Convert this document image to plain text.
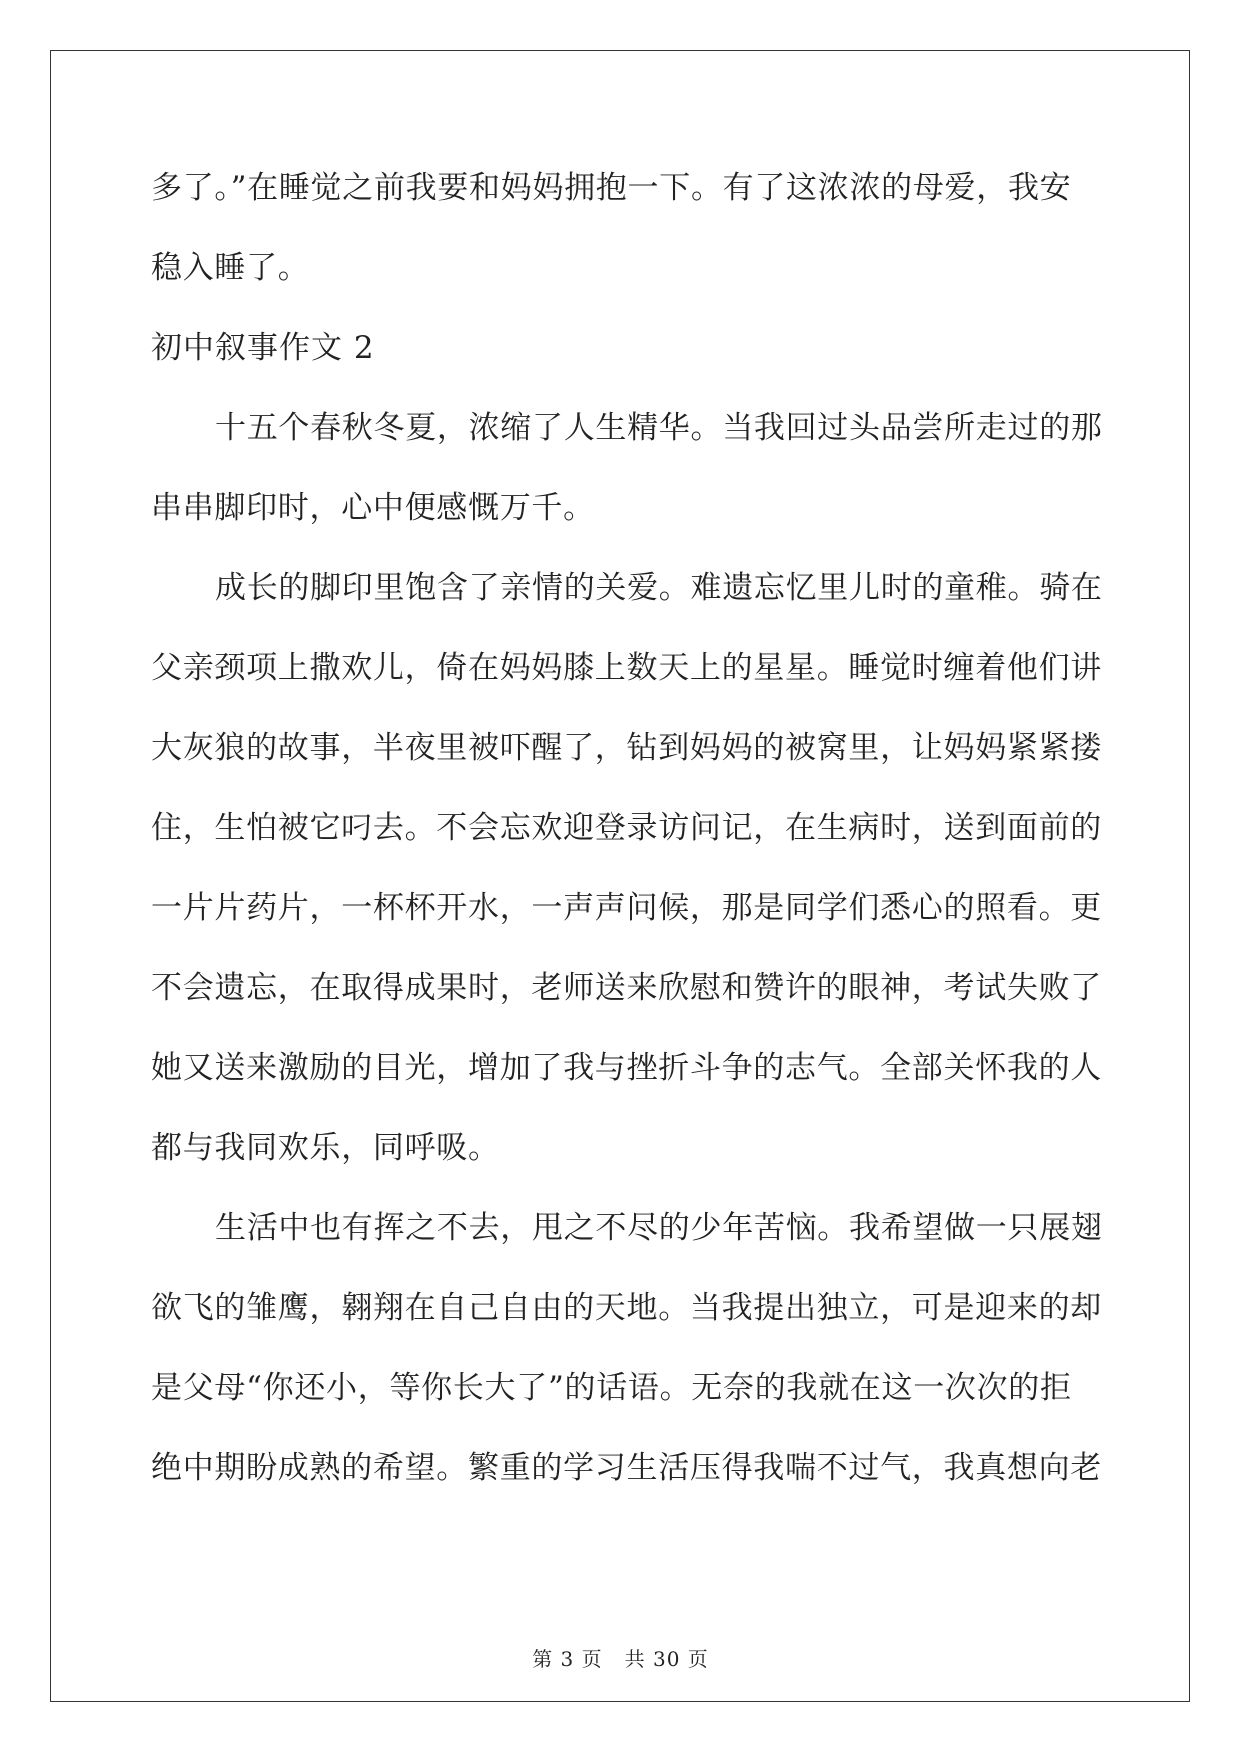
多了。”在睡觉之前我要和妈妈拥抱一下。有了这浓浓的母爱，我安
稳入睡了。
初中叙事作文 2
十五个春秋冬夏，浓缩了人生精华。当我回过头品尝所走过的那
串串脚印时，心中便感慨万千。
成长的脚印里饱含了亲情的关爱。难遗忘忆里儿时的童稚。骑在
父亲颈项上撒欢儿，倚在妈妈膝上数天上的星星。睡觉时缠着他们讲
大灰狼的故事，半夜里被吓醒了，钻到妈妈的被窝里，让妈妈紧紧搂
住，生怕被它叼去。不会忘欢迎登录访问记，在生病时，送到面前的
一片片药片，一杯杯开水，一声声问候，那是同学们悉心的照看。更
不会遗忘，在取得成果时，老师送来欣慰和赞许的眼神，考试失败了
她又送来激励的目光，增加了我与挫折斗争的志气。全部关怀我的人
都与我同欢乐，同呼吸。
生活中也有挥之不去，甩之不尽的少年苦恼。我希望做一只展翅
欲飞的雏鹰，翱翔在自己自由的天地。当我提出独立，可是迎来的却
是父母“你还小，等你长大了”的话语。无奈的我就在这一次次的拒
绝中期盼成熟的希望。繁重的学习生活压得我喘不过气，我真想向老
第 3 页 共 30 页
